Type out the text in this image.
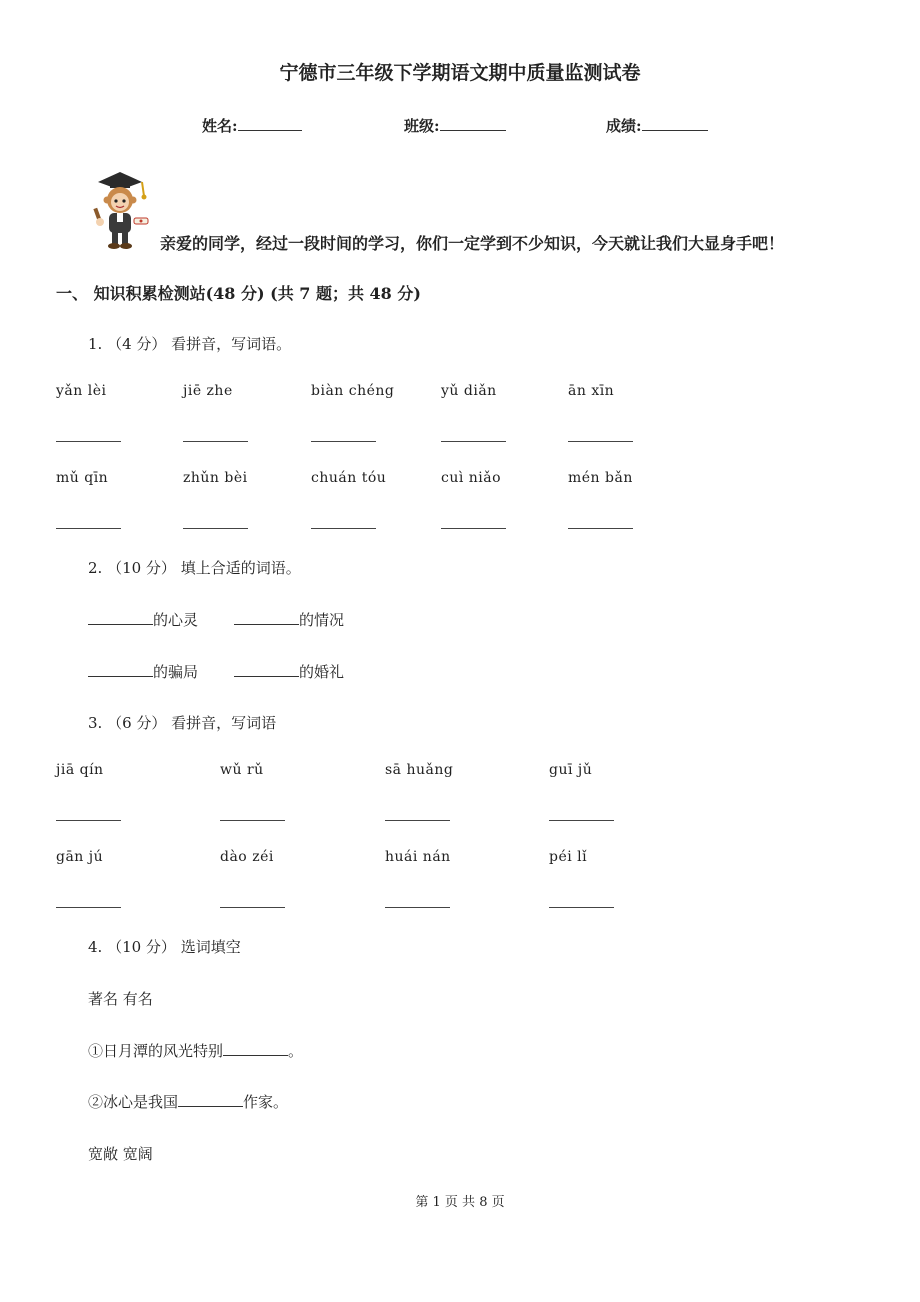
宁德市三年级下学期语文期中质量监测试卷
姓名:	班级:	成绩:
亲爱的同学，经过一段时间的学习，你们一定学到不少知识，今天就让我们大显身手吧！
一、 知识积累检测站(48 分) (共 7 题；共 48 分)
1. （4 分） 看拼音，写词语。
yǎn lèi	jiē zhe	biàn chéng	yǔ diǎn	ān xīn
mǔ qīn	zhǔn bèi	chuán tóu	cuì niǎo	mén bǎn
2. （10 分） 填上合适的词语。
的心灵	的情况
的骗局	的婚礼
3. （6 分） 看拼音，写词语
jiā qín	wǔ rǔ	sā huǎng	guī jǔ
gān jú	dào zéi	huái nán	péi lǐ
4. （10 分） 选词填空
著名 有名
①日月潭的风光特别	。
②冰心是我国	作家。
宽敞 宽阔
第 1 页 共 8 页
